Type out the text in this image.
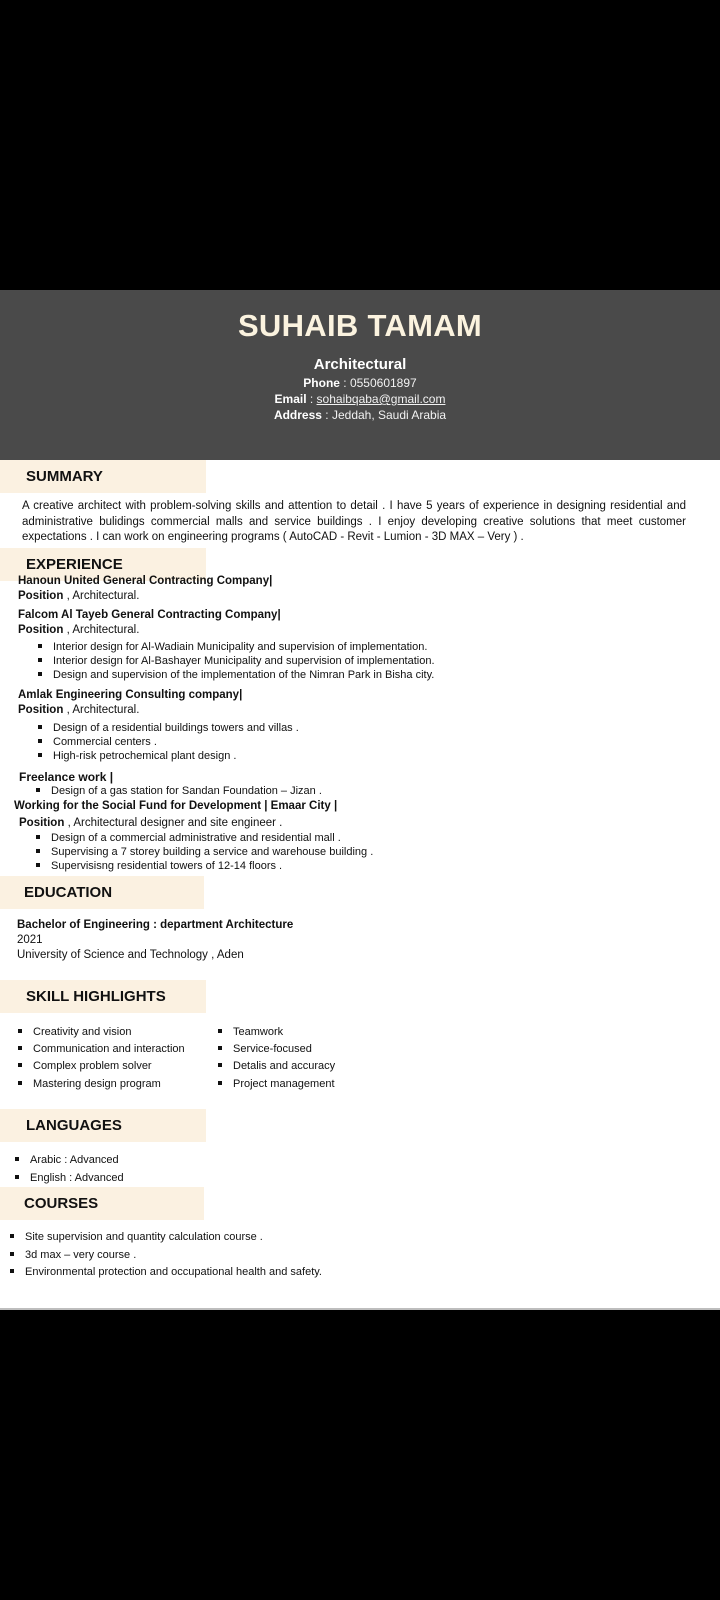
SUHAIB TAMAM
Architectural
Phone : 0550601897
Email : sohaibqaba@gmail.com
Address : Jeddah, Saudi Arabia
SUMMARY
A creative architect with problem-solving skills and attention to detail . I have 5 years of experience in designing residential and administrative bulidings commercial malls and service buildings . I enjoy developing creative solutions that meet customer expectations . I can work on engineering programs ( AutoCAD - Revit - Lumion - 3D MAX – Very ) .
EXPERIENCE
Hanoun United General Contracting Company|
Position , Architectural.
Falcom Al Tayeb General Contracting Company|
Position , Architectural.
Interior design for Al-Wadiain Municipality and supervision of implementation.
Interior design for Al-Bashayer Municipality and supervision of implementation.
Design and supervision of the implementation of the Nimran Park in Bisha city.
Amlak Engineering Consulting company|
Position , Architectural.
Design of a residential buildings towers and villas .
Commercial centers .
High-risk petrochemical plant design .
Freelance work |
Design of a gas station for Sandan Foundation – Jizan .
Working for the Social Fund for Development | Emaar City |
Position , Architectural designer and site engineer .
Design of a commercial administrative and residential mall .
Supervising a 7 storey building a service and warehouse building .
Supervisisng residential towers of 12-14 floors .
EDUCATION
Bachelor of Engineering : department Architecture
2021
University of Science and Technology , Aden
SKILL HIGHLIGHTS
Creativity and vision
Communication and interaction
Complex problem solver
Mastering design program
Teamwork
Service-focused
Detalis and accuracy
Project management
LANGUAGES
Arabic : Advanced
English : Advanced
COURSES
Site supervision and quantity calculation course .
3d max – very course .
Environmental protection and occupational health and safety.
